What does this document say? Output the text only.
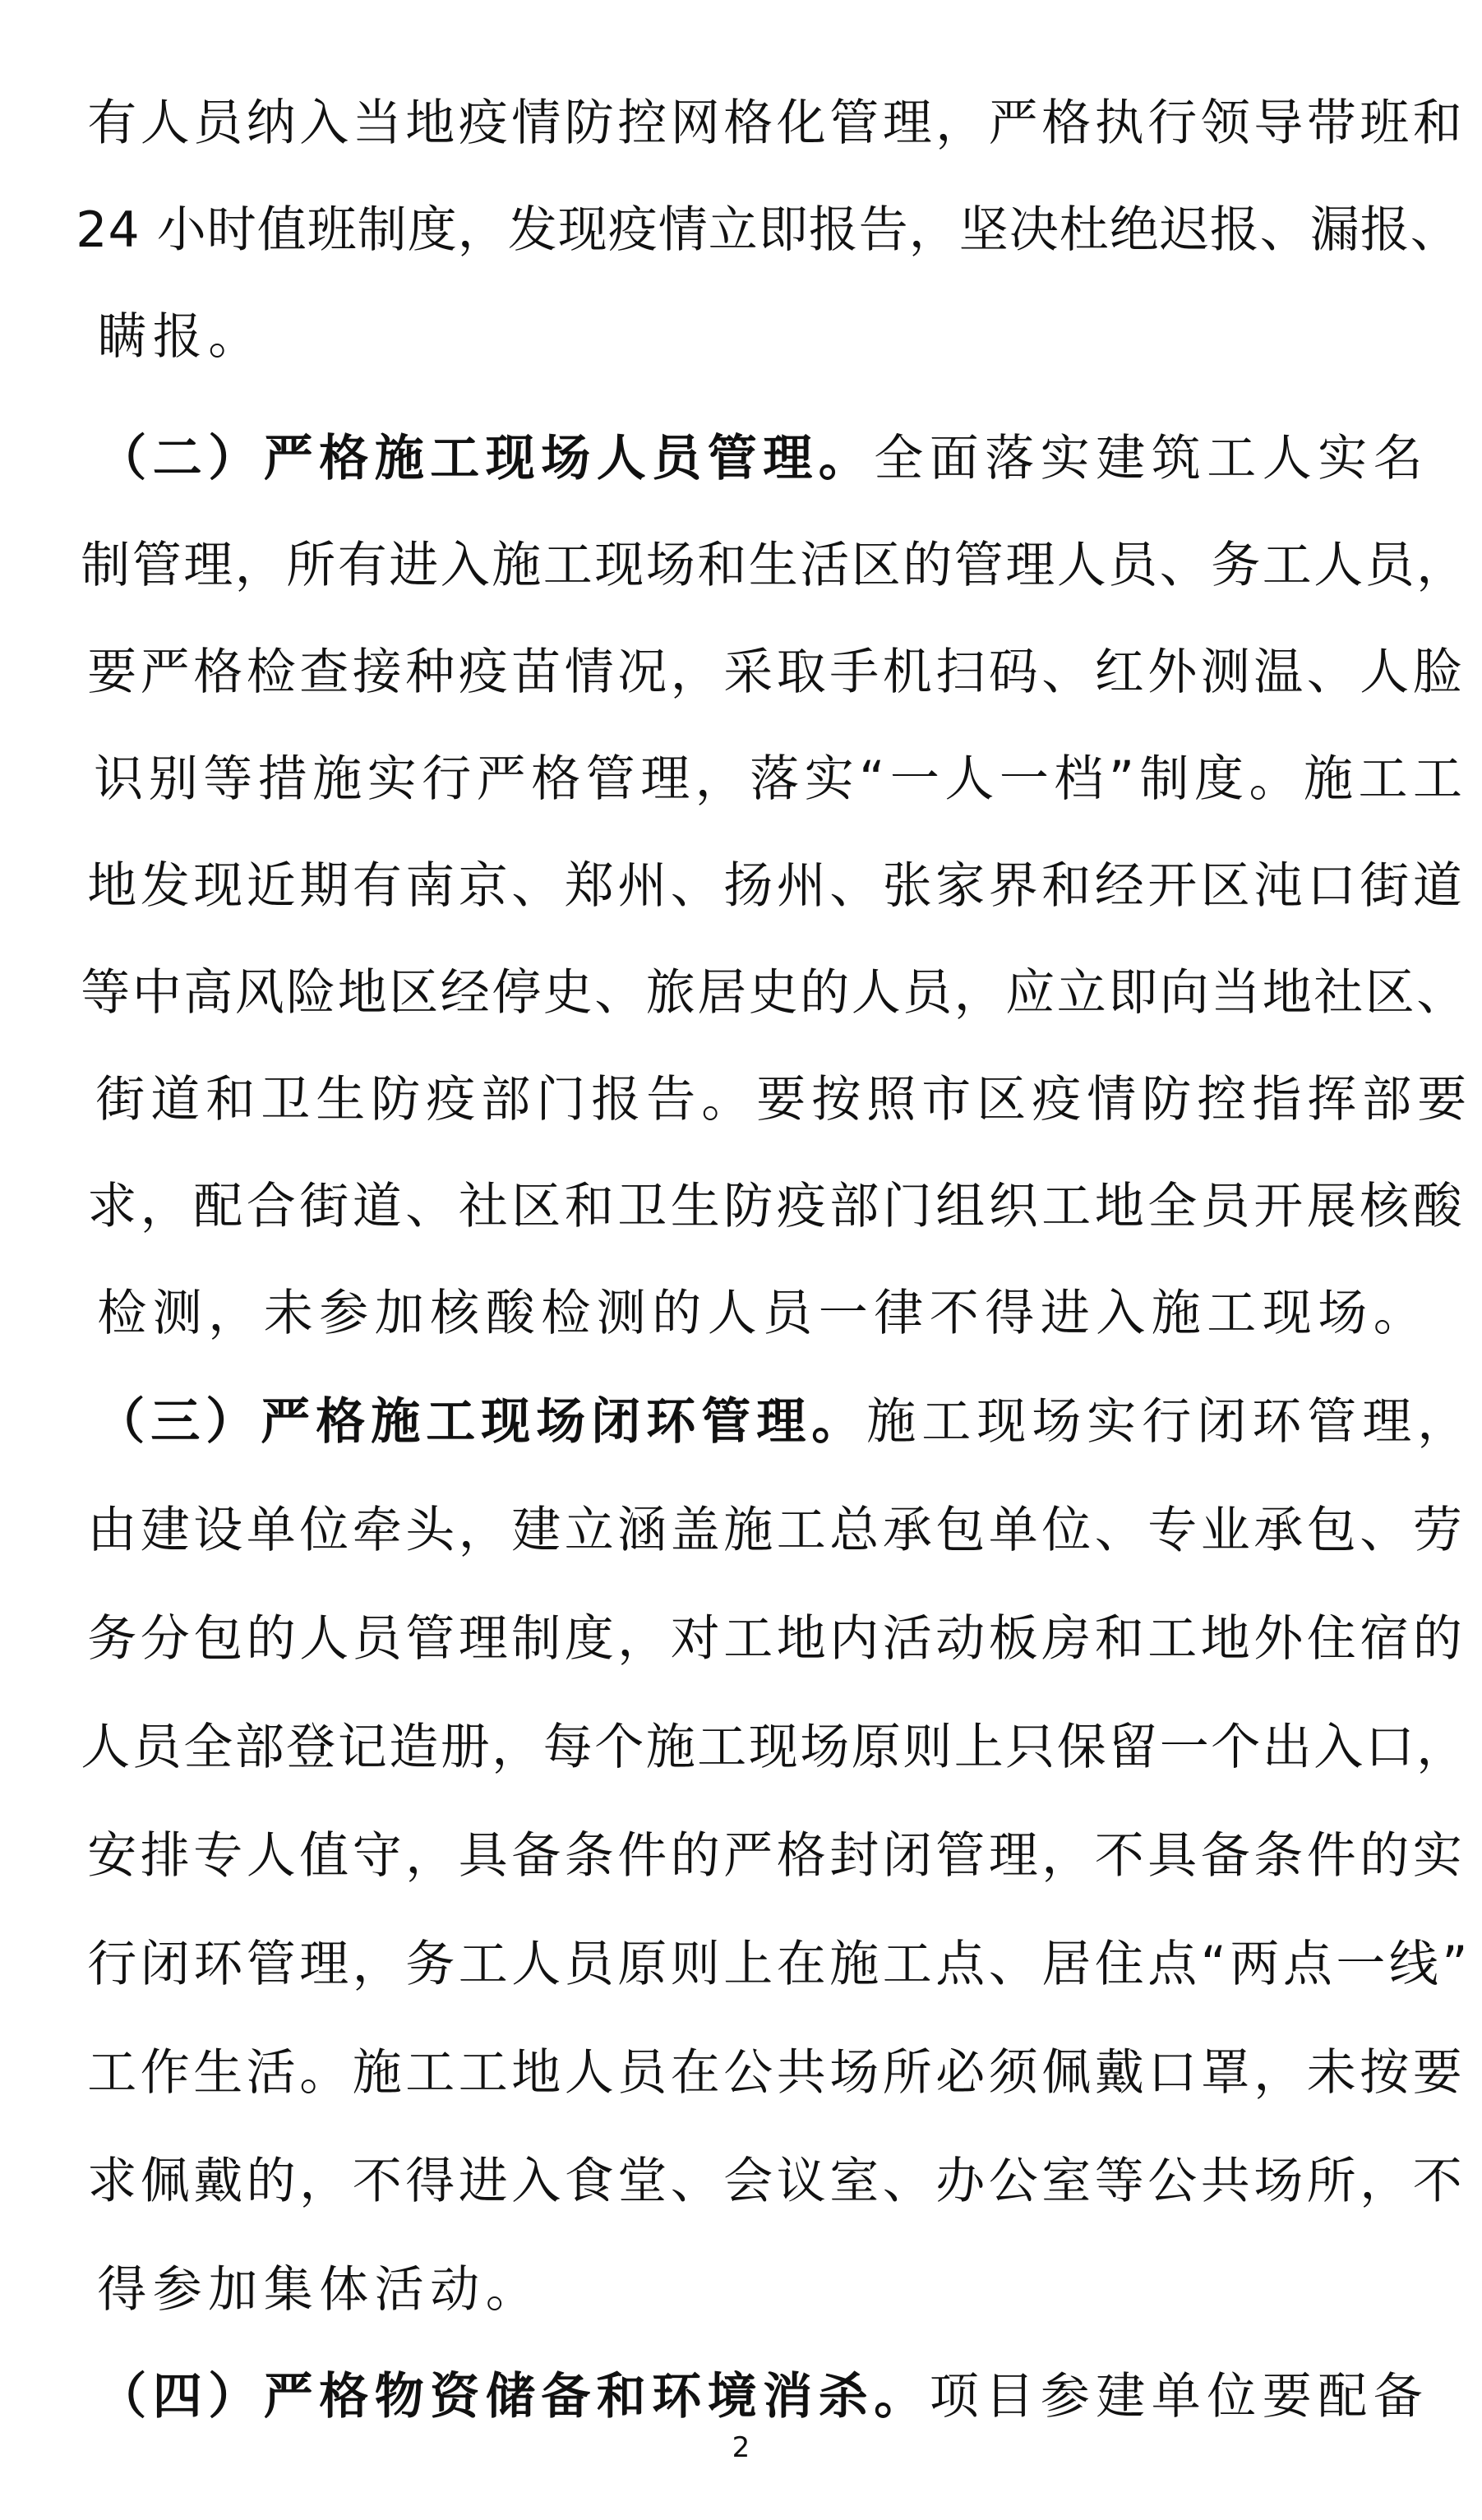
有人员纳入当地疫情防控网格化管理，严格执行领导带班和

24 小时值班制度，发现疫情立即报告，坚决杜绝迟报、漏报、

瞒报。

（二）严格施工现场人员管理。全面落实建筑工人实名

制管理，所有进入施工现场和生活区的管理人员、务工人员，

要严格检查接种疫苗情况，采取手机扫码、红外测温、人脸

识别等措施实行严格管理，落实“一人一档”制度。施工工

地发现近期有南京、郑州、扬州、张家界和经开区沌口街道

等中高风险地区经停史、旅居史的人员，应立即向当地社区、

街道和卫生防疫部门报告。要按照市区疫情防控指挥部要

求，配合街道、社区和卫生防疫部门组织工地全员开展核酸

检测，未参加核酸检测的人员一律不得进入施工现场。

（三）严格施工现场闭环管理。施工现场实行闭环管理，

由建设单位牵头，建立涵盖施工总承包单位、专业承包、劳

务分包的人员管理制度，对工地内活动板房和工地外住宿的

人员全部登记造册，每个施工现场原则上只保留一个出入口，

安排专人值守，具备条件的严格封闭管理，不具备条件的实

行闭环管理，务工人员原则上在施工点、居住点“两点一线”

工作生活。施工工地人员在公共场所必须佩戴口罩，未按要

求佩戴的，不得进入食堂、会议室、办公室等公共场所，不

得参加集体活动。

（四）严格物资储备和环境消杀。项目参建单位要配备

2
